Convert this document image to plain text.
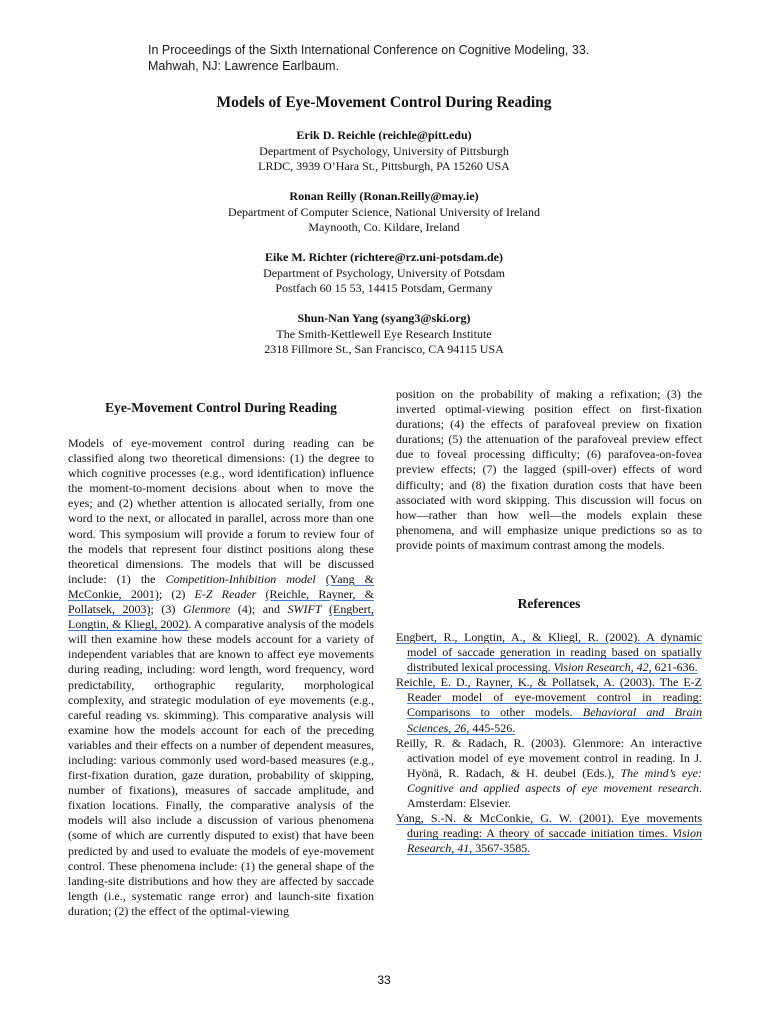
In Proceedings of the Sixth International Conference on Cognitive Modeling, 33.
Mahwah, NJ: Lawrence Earlbaum.
Models of Eye-Movement Control During Reading
Erik D. Reichle (reichle@pitt.edu)
Department of Psychology, University of Pittsburgh
LRDC, 3939 O’Hara St., Pittsburgh, PA 15260 USA
Ronan Reilly (Ronan.Reilly@may.ie)
Department of Computer Science, National University of Ireland
Maynooth, Co. Kildare, Ireland
Eike M. Richter (richtere@rz.uni-potsdam.de)
Department of Psychology, University of Potsdam
Postfach 60 15 53, 14415 Potsdam, Germany
Shun-Nan Yang (syang3@ski.org)
The Smith-Kettlewell Eye Research Institute
2318 Fillmore St., San Francisco, CA 94115 USA
Eye-Movement Control During Reading
Models of eye-movement control during reading can be classified along two theoretical dimensions: (1) the degree to which cognitive processes (e.g., word identification) influence the moment-to-moment decisions about when to move the eyes; and (2) whether attention is allocated serially, from one word to the next, or allocated in parallel, across more than one word. This symposium will provide a forum to review four of the models that represent four distinct positions along these theoretical dimensions. The models that will be discussed include: (1) the Competition-Inhibition model (Yang & McConkie, 2001); (2) E-Z Reader (Reichle, Rayner, & Pollatsek, 2003); (3) Glenmore (4); and SWIFT (Engbert, Longtin, & Kliegl, 2002). A comparative analysis of the models will then examine how these models account for a variety of independent variables that are known to affect eye movements during reading, including: word length, word frequency, word predictability, orthographic regularity, morphological complexity, and strategic modulation of eye movements (e.g., careful reading vs. skimming). This comparative analysis will examine how the models account for each of the preceding variables and their effects on a number of dependent measures, including: various commonly used word-based measures (e.g., first-fixation duration, gaze duration, probability of skipping, number of fixations), measures of saccade amplitude, and fixation locations. Finally, the comparative analysis of the models will also include a discussion of various phenomena (some of which are currently disputed to exist) that have been predicted by and used to evaluate the models of eye-movement control. These phenomena include: (1) the general shape of the landing-site distributions and how they are affected by saccade length (i.e., systematic range error) and launch-site fixation duration; (2) the effect of the optimal-viewing
position on the probability of making a refixation; (3) the inverted optimal-viewing position effect on first-fixation durations; (4) the effects of parafoveal preview on fixation durations; (5) the attenuation of the parafoveal preview effect due to foveal processing difficulty; (6) parafovea-on-fovea preview effects; (7) the lagged (spill-over) effects of word difficulty; and (8) the fixation duration costs that have been associated with word skipping. This discussion will focus on how—rather than how well—the models explain these phenomena, and will emphasize unique predictions so as to provide points of maximum contrast among the models.
References
Engbert, R., Longtin, A., & Kliegl, R. (2002). A dynamic model of saccade generation in reading based on spatially distributed lexical processing. Vision Research, 42, 621-636.
Reichle, E. D., Rayner, K., & Pollatsek, A. (2003). The E-Z Reader model of eye-movement control in reading: Comparisons to other models. Behavioral and Brain Sciences, 26, 445-526.
Reilly, R. & Radach, R. (2003). Glenmore: An interactive activation model of eye movement control in reading. In J. Hyönä, R. Radach, & H. deubel (Eds.), The mind’s eye: Cognitive and applied aspects of eye movement research. Amsterdam: Elsevier.
Yang, S.-N. & McConkie, G. W. (2001). Eye movements during reading: A theory of saccade initiation times. Vision Research, 41, 3567-3585.
33
